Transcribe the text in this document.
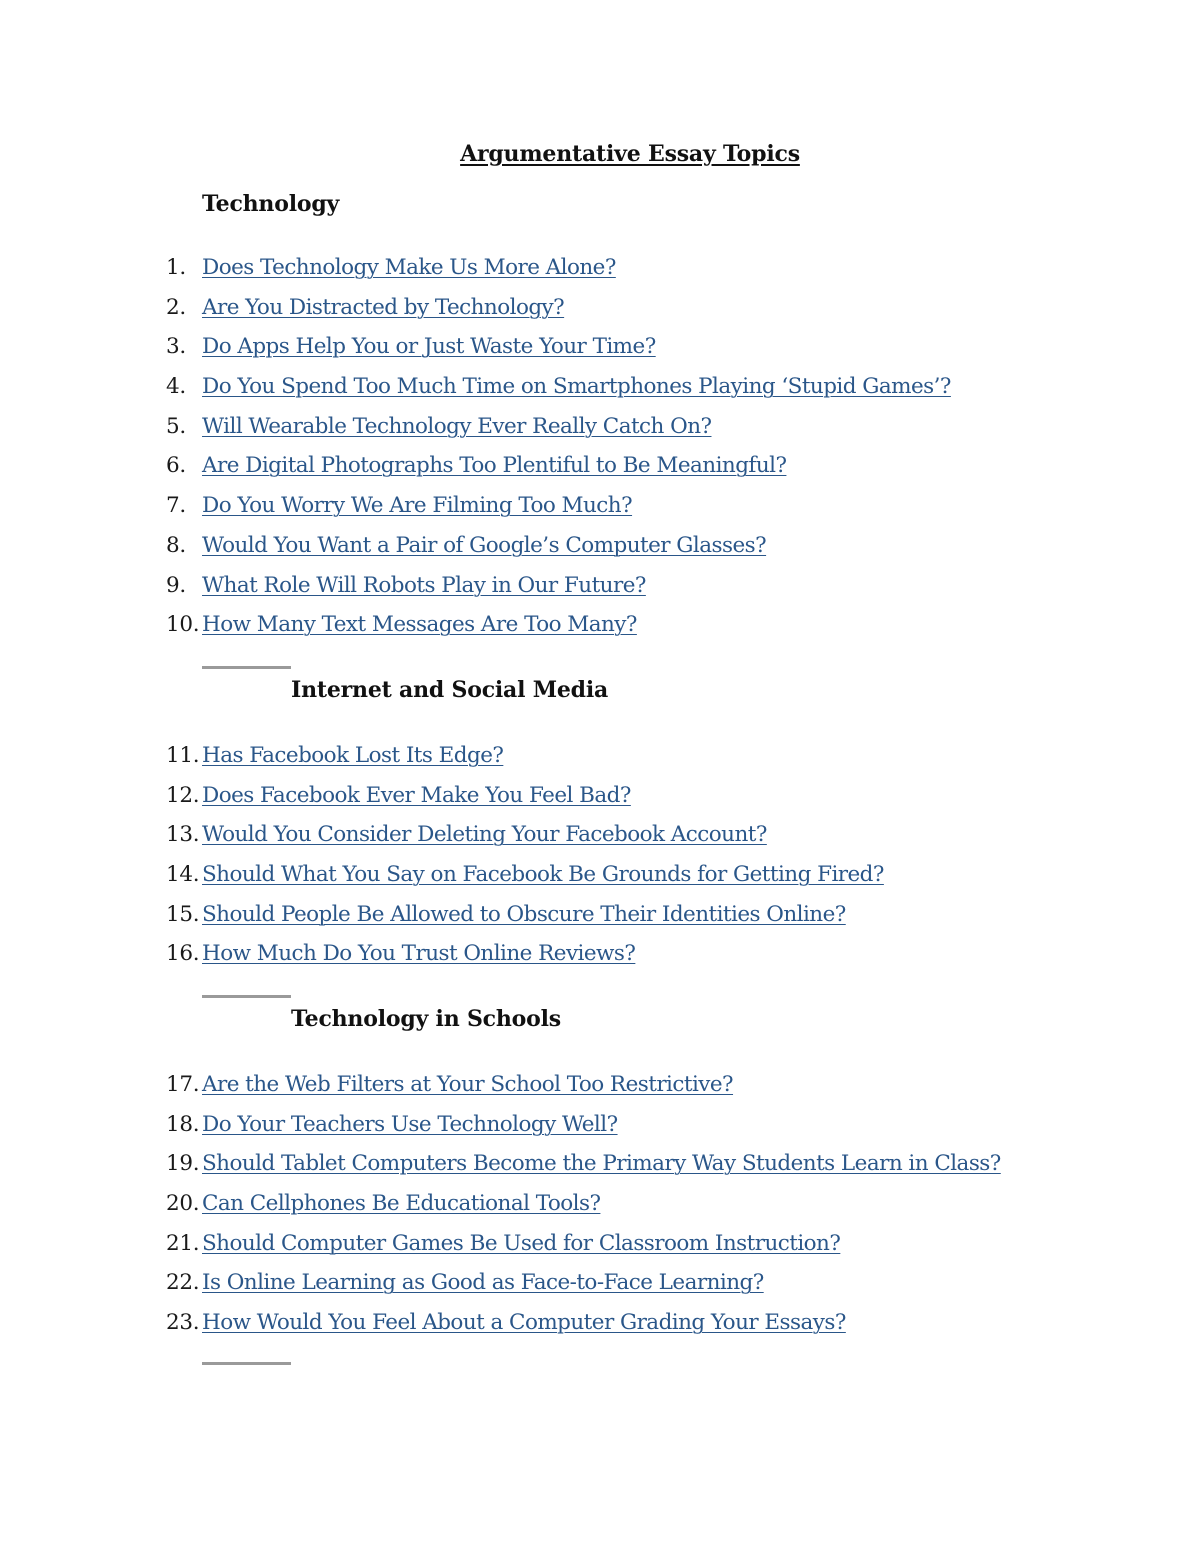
Argumentative Essay Topics
Technology
1. Does Technology Make Us More Alone?
2. Are You Distracted by Technology?
3. Do Apps Help You or Just Waste Your Time?
4. Do You Spend Too Much Time on Smartphones Playing ‘Stupid Games’?
5. Will Wearable Technology Ever Really Catch On?
6. Are Digital Photographs Too Plentiful to Be Meaningful?
7. Do You Worry We Are Filming Too Much?
8. Would You Want a Pair of Google’s Computer Glasses?
9. What Role Will Robots Play in Our Future?
10. How Many Text Messages Are Too Many?
Internet and Social Media
11. Has Facebook Lost Its Edge?
12. Does Facebook Ever Make You Feel Bad?
13. Would You Consider Deleting Your Facebook Account?
14. Should What You Say on Facebook Be Grounds for Getting Fired?
15. Should People Be Allowed to Obscure Their Identities Online?
16. How Much Do You Trust Online Reviews?
Technology in Schools
17. Are the Web Filters at Your School Too Restrictive?
18. Do Your Teachers Use Technology Well?
19. Should Tablet Computers Become the Primary Way Students Learn in Class?
20. Can Cellphones Be Educational Tools?
21. Should Computer Games Be Used for Classroom Instruction?
22. Is Online Learning as Good as Face-to-Face Learning?
23. How Would You Feel About a Computer Grading Your Essays?
